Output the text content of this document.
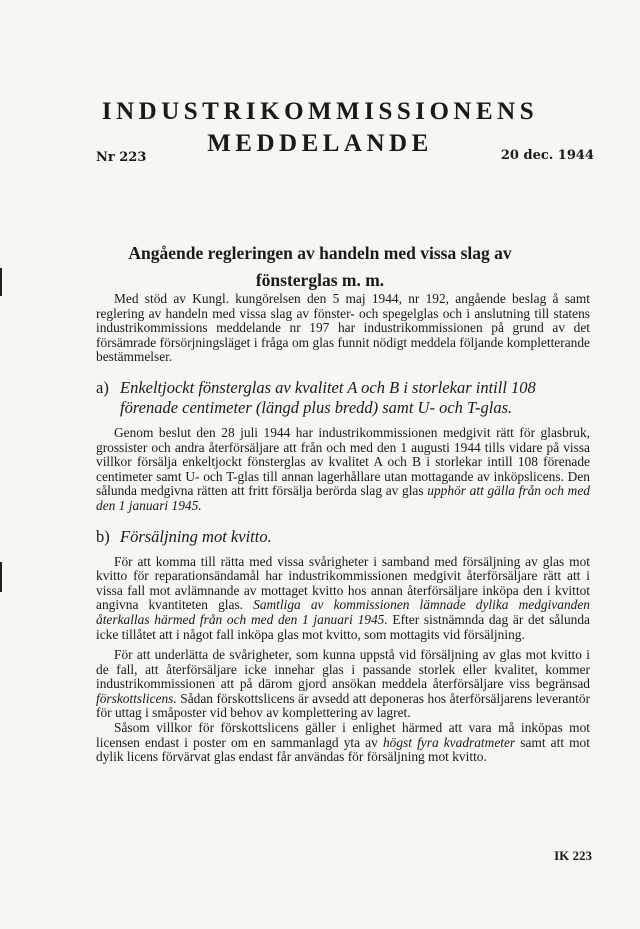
INDUSTRIKOMMISSIONENS
MEDDELANDE
Nr 223	20 dec. 1944
Angående regleringen av handeln med vissa slag av
fönsterglas m. m.

Med stöd av Kungl. kungörelsen den 5 maj 1944, nr 192, angående beslag å samt reglering av handeln med vissa slag av fönster- och spegelglas och i anslutning till statens industrikommissions meddelande nr 197 har industrikommissionen på grund av det försämrade försörjningsläget i fråga om glas funnit nödigt meddela följande kompletterande bestämmelser.

a) Enkeltjockt fönsterglas av kvalitet A och B i storlekar intill 108
förenade centimeter (längd plus bredd) samt U- och T-glas.

Genom beslut den 28 juli 1944 har industrikommissionen medgivit rätt för glasbruk, grossister och andra återförsäljare att från och med den 1 augusti 1944 tills vidare på vissa villkor försälja enkeltjockt fönsterglas av kvalitet A och B i storlekar intill 108 förenade centimeter samt U- och T-glas till annan lagerhållare utan mottagande av inköpslicens. Den sålunda medgivna rätten att fritt försälja berörda slag av glas upphör att gälla från och med den 1 januari 1945.

b) Försäljning mot kvitto.

För att komma till rätta med vissa svårigheter i samband med försäljning av glas mot kvitto för reparationsändamål har industrikommissionen medgivit återförsäljare rätt att i vissa fall mot avlämnande av mottaget kvitto hos annan återförsäljare inköpa den i kvittot angivna kvantiteten glas. Samtliga av kommissionen lämnade dylika medgivanden återkallas härmed från och med den 1 januari 1945. Efter sistnämnda dag är det sålunda icke tillåtet att i något fall inköpa glas mot kvitto, som mottagits vid försäljning.

För att underlätta de svårigheter, som kunna uppstå vid försäljning av glas mot kvitto i de fall, att återförsäljare icke innehar glas i passande storlek eller kvalitet, kommer industrikommissionen att på därom gjord ansökan meddela återförsäljare viss begränsad förskottslicens. Sådan förskottslicens är avsedd att deponeras hos återförsäljarens leverantör för uttag i småposter vid behov av komplettering av lagret.

Såsom villkor för förskottslicens gäller i enlighet härmed att vara må inköpas mot licensen endast i poster om en sammanlagd yta av högst fyra kvadratmeter samt att mot dylik licens förvärvat glas endast får användas för försäljning mot kvitto.

IK 223
